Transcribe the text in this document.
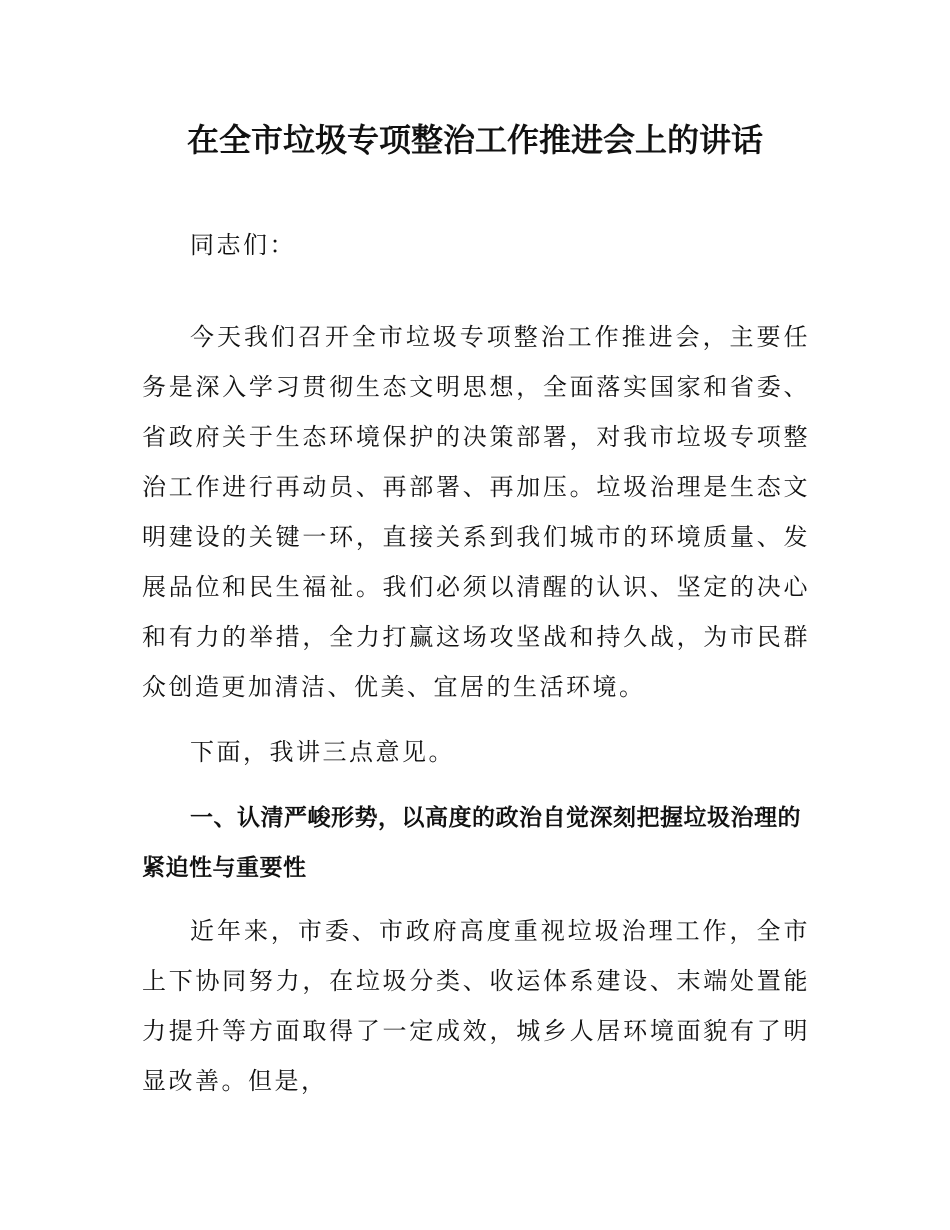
在全市垃圾专项整治工作推进会上的讲话

同志们：

今天我们召开全市垃圾专项整治工作推进会，主要任务是深入学习贯彻生态文明思想，全面落实国家和省委、省政府关于生态环境保护的决策部署，对我市垃圾专项整治工作进行再动员、再部署、再加压。垃圾治理是生态文明建设的关键一环，直接关系到我们城市的环境质量、发展品位和民生福祉。我们必须以清醒的认识、坚定的决心和有力的举措，全力打赢这场攻坚战和持久战，为市民群众创造更加清洁、优美、宜居的生活环境。

下面，我讲三点意见。

一、认清严峻形势，以高度的政治自觉深刻把握垃圾治理的紧迫性与重要性

近年来，市委、市政府高度重视垃圾治理工作，全市上下协同努力，在垃圾分类、收运体系建设、末端处置能力提升等方面取得了一定成效，城乡人居环境面貌有了明显改善。但是，
